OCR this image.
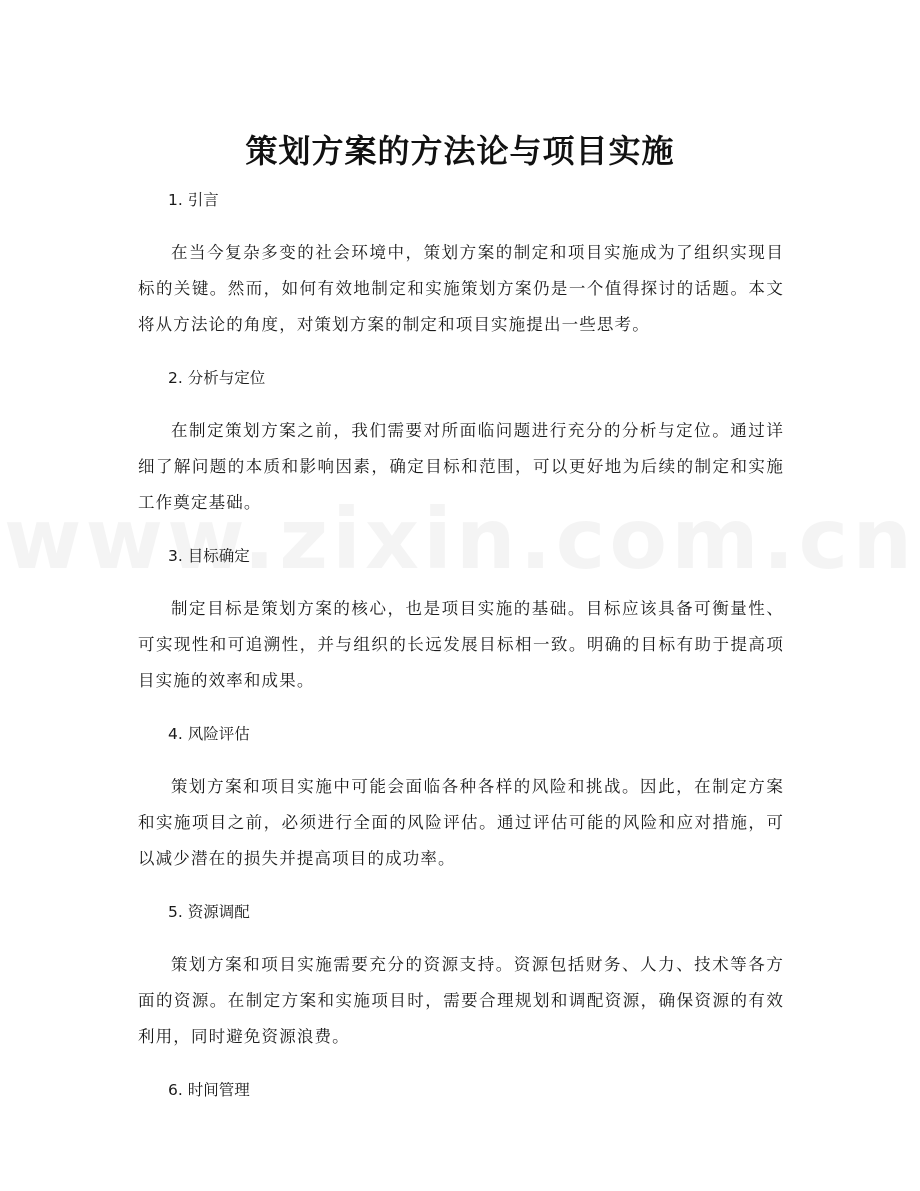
策划方案的方法论与项目实施

1. 引言

在当今复杂多变的社会环境中，策划方案的制定和项目实施成为了组织实现目标的关键。然而，如何有效地制定和实施策划方案仍是一个值得探讨的话题。本文将从方法论的角度，对策划方案的制定和项目实施提出一些思考。

2. 分析与定位

在制定策划方案之前，我们需要对所面临问题进行充分的分析与定位。通过详细了解问题的本质和影响因素，确定目标和范围，可以更好地为后续的制定和实施工作奠定基础。

3. 目标确定

制定目标是策划方案的核心，也是项目实施的基础。目标应该具备可衡量性、可实现性和可追溯性，并与组织的长远发展目标相一致。明确的目标有助于提高项目实施的效率和成果。

4. 风险评估

策划方案和项目实施中可能会面临各种各样的风险和挑战。因此，在制定方案和实施项目之前，必须进行全面的风险评估。通过评估可能的风险和应对措施，可以减少潜在的损失并提高项目的成功率。

5. 资源调配

策划方案和项目实施需要充分的资源支持。资源包括财务、人力、技术等各方面的资源。在制定方案和实施项目时，需要合理规划和调配资源，确保资源的有效利用，同时避免资源浪费。

6. 时间管理
